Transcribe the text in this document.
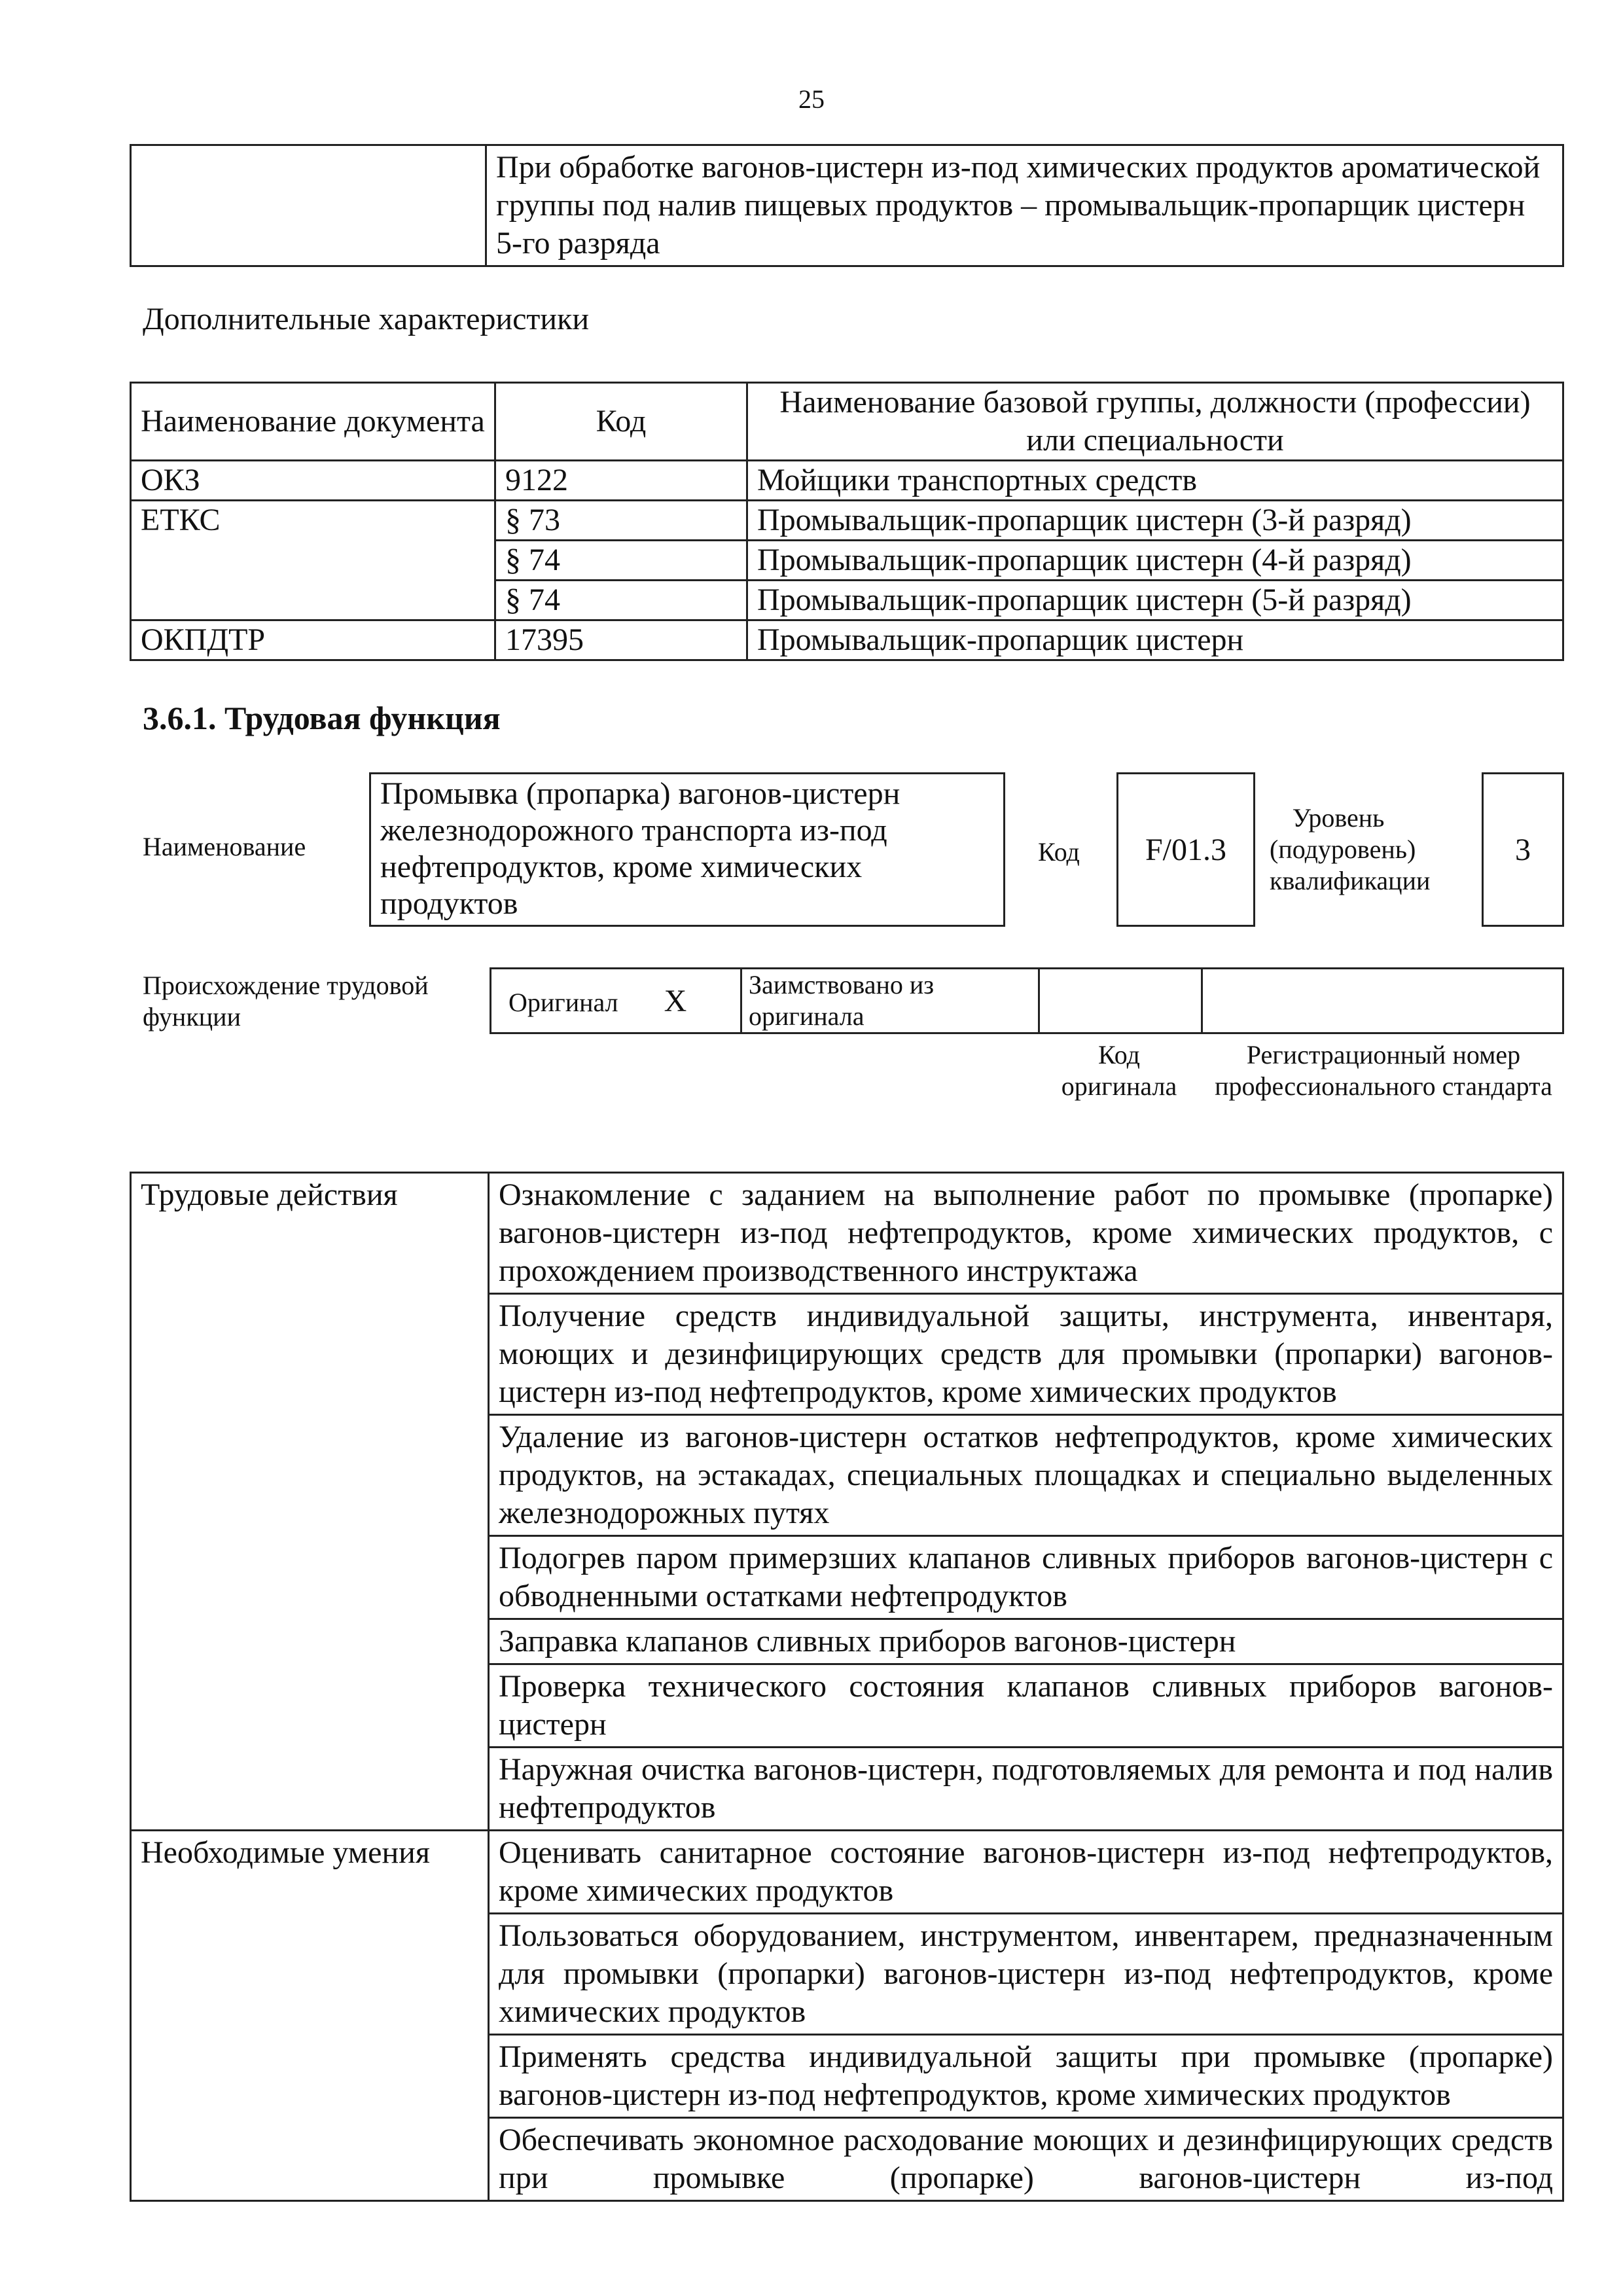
25
	При обработке вагонов-цистерн из-под химических продуктов ароматической группы под налив пищевых продуктов – промывальщик-пропарщик цистерн 5-го разряда
Дополнительные характеристики
Наименование документа	Код	Наименование базовой группы, должности (профессии) или специальности
ОКЗ	9122	Мойщики транспортных средств
ЕТКС	§ 73	Промывальщик-пропарщик цистерн (3-й разряд)
	§ 74	Промывальщик-пропарщик цистерн (4-й разряд)
	§ 74	Промывальщик-пропарщик цистерн (5-й разряд)
ОКПДТР	17395	Промывальщик-пропарщик цистерн
3.6.1. Трудовая функция
Наименование
Промывка (пропарка) вагонов-цистерн железнодорожного транспорта из-под нефтепродуктов, кроме химических продуктов
Код	F/01.3
Уровень (подуровень) квалификации
3
Происхождение трудовой функции	Оригинал X	Заимствовано из оригинала		
Код оригинала
Регистрационный номер профессионального стандарта
Трудовые действия	Ознакомление с заданием на выполнение работ по промывке (пропарке) вагонов-цистерн из-под нефтепродуктов, кроме химических продуктов, с прохождением производственного инструктажа
	Получение средств индивидуальной защиты, инструмента, инвентаря, моющих и дезинфицирующих средств для промывки (пропарки) вагонов-цистерн из-под нефтепродуктов, кроме химических продуктов
	Удаление из вагонов-цистерн остатков нефтепродуктов, кроме химических продуктов, на эстакадах, специальных площадках и специально выделенных железнодорожных путях
	Подогрев паром примерзших клапанов сливных приборов вагонов-цистерн с обводненными остатками нефтепродуктов
	Заправка клапанов сливных приборов вагонов-цистерн
	Проверка технического состояния клапанов сливных приборов вагонов-цистерн
	Наружная очистка вагонов-цистерн, подготовляемых для ремонта и под налив нефтепродуктов
Необходимые умения	Оценивать санитарное состояние вагонов-цистерн из-под нефтепродуктов, кроме химических продуктов
	Пользоваться оборудованием, инструментом, инвентарем, предназначенным для промывки (пропарки) вагонов-цистерн из-под нефтепродуктов, кроме химических продуктов
	Применять средства индивидуальной защиты при промывке (пропарке) вагонов-цистерн из-под нефтепродуктов, кроме химических продуктов
	Обеспечивать экономное расходование моющих и дезинфицирующих средств при промывке (пропарке) вагонов-цистерн из-под
